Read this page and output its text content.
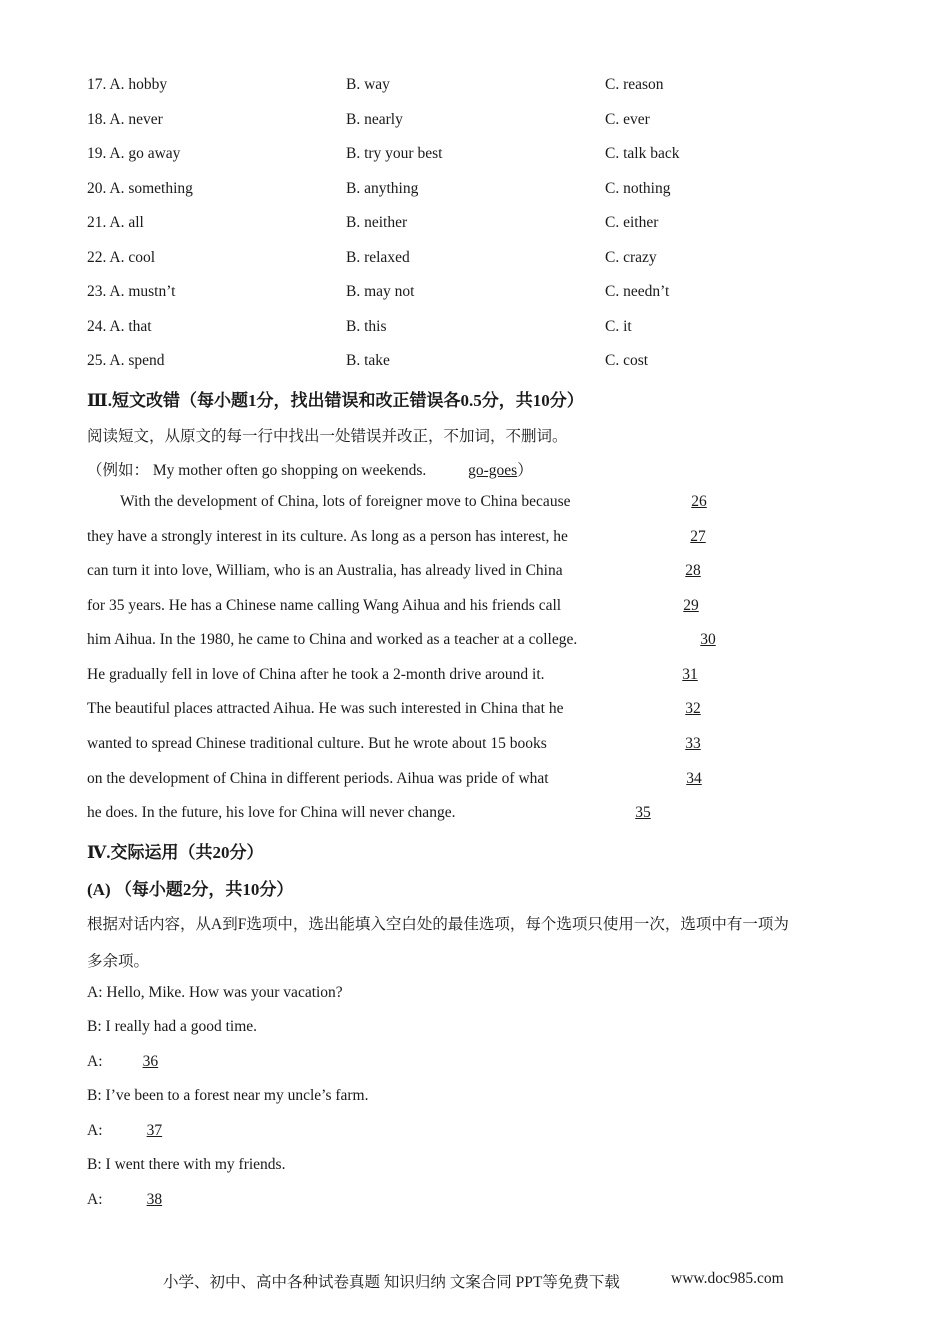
17. A. hobby	B. way	C. reason
18. A. never	B. nearly	C. ever
19. A. go away	B. try your best	C. talk back
20. A. something	B. anything	C. nothing
21. A. all	B. neither	C. either
22. A. cool	B. relaxed	C. crazy
23. A. mustn’t	B. may not	C. needn’t
24. A. that	B. this	C. it
25. A. spend	B. take	C. cost
Ⅲ.短文改错（每小题1分，找出错误和改正错误各0.5分，共10分）
阅读短文，从原文的每一行中找出一处错误并改正，不加词，不删词。
（例如： My mother often go shopping on weekends.	go-goes）
With the development of China, lots of foreigner move to China because	26
they have a strongly interest in its culture. As long as a person has interest, he	27
can turn it into love, William, who is an Australia, has already lived in China	28
for 35 years. He has a Chinese name calling Wang Aihua and his friends call	29
him Aihua. In the 1980, he came to China and worked as a teacher at a college.	30
He gradually fell in love of China after he took a 2-month drive around it.	31
The beautiful places attracted Aihua. He was such interested in China that he	32
wanted to spread Chinese traditional culture. But he wrote about 15 books	33
on the development of China in different periods. Aihua was pride of what	34
he does. In the future, his love for China will never change.	35
Ⅳ.交际运用（共20分）
(A) （每小题2分，共10分）
根据对话内容，从A到F选项中，选出能填入空白处的最佳选项，每个选项只使用一次，选项中有一项为
多余项。
A: Hello, Mike. How was your vacation?
B: I really had a good time.
A:	36
B: I’ve been to a forest near my uncle’s farm.
A:	37
B: I went there with my friends.
A:	38
小学、初中、高中各种试卷真题 知识归纳 文案合同 PPT等免费下载	www.doc985.com
